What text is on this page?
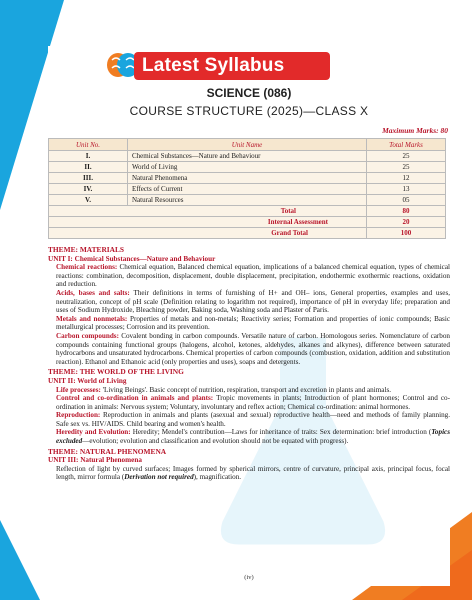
Latest Syllabus
SCIENCE (086)
COURSE STRUCTURE (2025)—CLASS X
Maximum Marks: 80
Unit No.	Unit Name	Total Marks
I.	Chemical Substances—Nature and Behaviour	25
II.	World of Living	25
III.	Natural Phenomena	12
IV.	Effects of Current	13
V.	Natural Resources	05
Total		80
Internal Assessment		20
Grand Total		100
THEME: MATERIALS
UNIT I: Chemical Substances—Nature and Behaviour
Chemical reactions: Chemical equation, Balanced chemical equation, implications of a balanced chemical equation, types of chemical reactions: combination, decomposition, displacement, double displacement, precipitation, endothermic exothermic reactions, oxidation and reduction.
Acids, bases and salts: Their definitions in terms of furnishing of H+ and OH– ions, General properties, examples and uses, neutralization, concept of pH scale (Definition relating to logarithm not required), importance of pH in everyday life; preparation and uses of Sodium Hydroxide, Bleaching powder, Baking soda, Washing soda and Plaster of Paris.
Metals and nonmetals: Properties of metals and non-metals; Reactivity series; Formation and properties of ionic compounds; Basic metallurgical processes; Corrosion and its prevention.
Carbon compounds: Covalent bonding in carbon compounds. Versatile nature of carbon. Homologous series. Nomenclature of carbon compounds containing functional groups (halogens, alcohol, ketones, aldehydes, alkanes and alkynes), difference between saturated hydrocarbons and unsaturated hydrocarbons. Chemical properties of carbon compounds (combustion, oxidation, addition and substitution reaction). Ethanol and Ethanoic acid (only properties and uses), soaps and detergents.
THEME: THE WORLD OF THE LIVING
UNIT II: World of Living
Life processes: 'Living Beings'. Basic concept of nutrition, respiration, transport and excretion in plants and animals.
Control and co-ordination in animals and plants: Tropic movements in plants; Introduction of plant hormones; Control and co-ordination in animals: Nervous system; Voluntary, involuntary and reflex action; Chemical co-ordination: animal hormones.
Reproduction: Reproduction in animals and plants (asexual and sexual) reproductive health—need and methods of family planning. Safe sex vs. HIV/AIDS. Child bearing and women's health.
Heredity and Evolution: Heredity; Mendel's contribution—Laws for inheritance of traits: Sex determination: brief introduction (Topics excluded—evolution; evolution and classification and evolution should not be equated with progress).
THEME: NATURAL PHENOMENA
UNIT III: Natural Phenomena
Reflection of light by curved surfaces; Images formed by spherical mirrors, centre of curvature, principal axis, principal focus, focal length, mirror formula (Derivation not required), magnification.
(iv)
